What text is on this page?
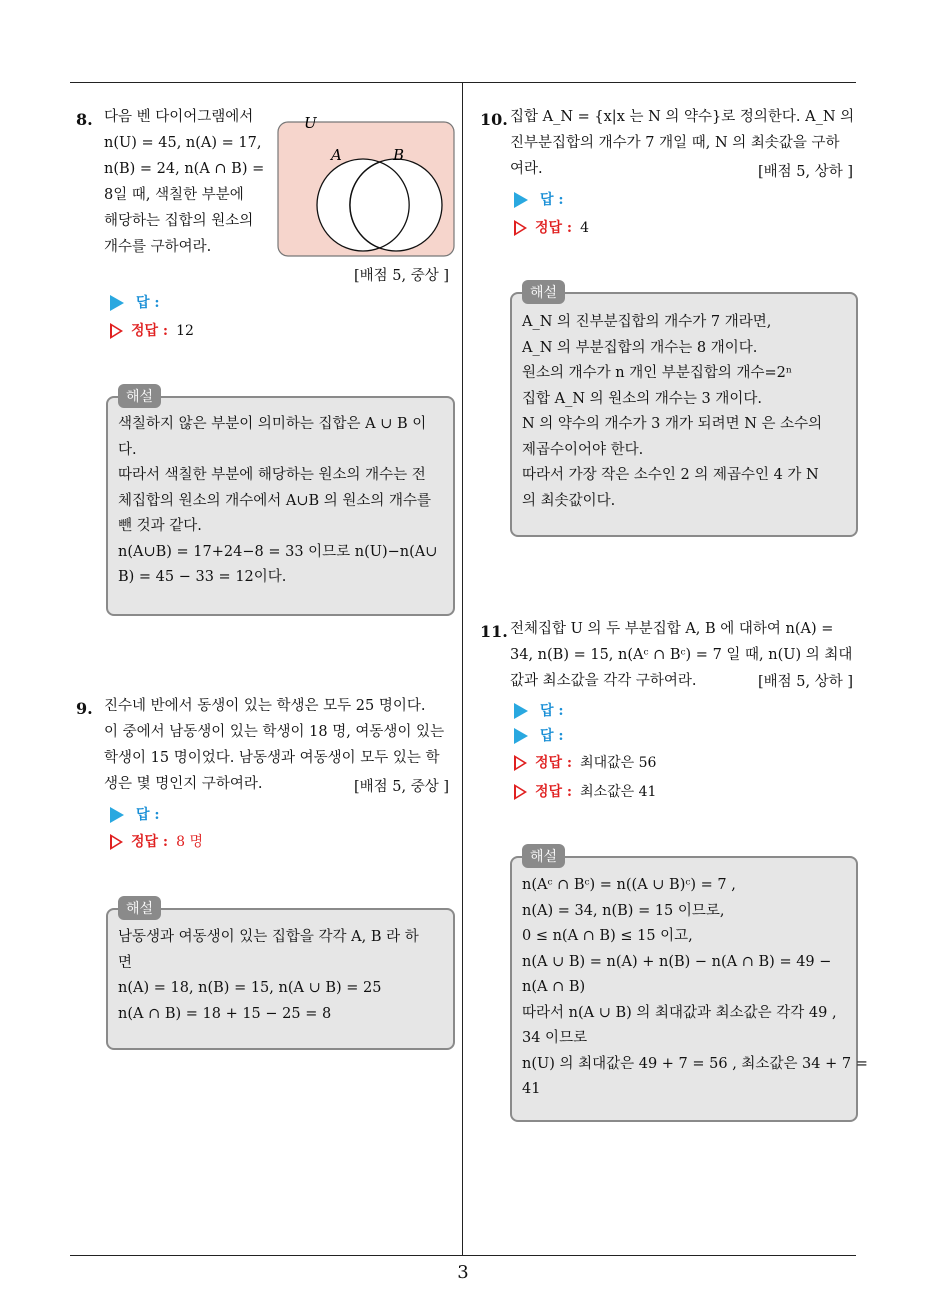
8. 다음 벤 다이어그램에서

n(U) = 45, n(A) = 17,

n(B) = 24, n(A ∩ B) =

8일 때, 색칠한 부분에

해당하는 집합의 원소의

개수를 구하여라.

U
A	B
[배점 5, 중상 ]
답 :
정답 : 12
해설

색칠하지 않은 부분이 의미하는 집합은 A ∪ B 이

다.

따라서 색칠한 부분에 해당하는 원소의 개수는 전

체집합의 원소의 개수에서 A∪B 의 원소의 개수를

뺀 것과 같다.

n(A∪B) = 17+24−8 = 33 이므로 n(U)−n(A∪

B) = 45 − 33 = 12이다.

9. 진수네 반에서 동생이 있는 학생은 모두 25 명이다.

이 중에서 남동생이 있는 학생이 18 명, 여동생이 있는

학생이 15 명이었다. 남동생과 여동생이 모두 있는 학

생은 몇 명인지 구하여라.	[배점 5, 중상 ]
답 :
정답 : 8 명
해설

남동생과 여동생이 있는 집합을 각각 A, B 라 하

면

n(A) = 18, n(B) = 15, n(A ∪ B) = 25

n(A ∩ B) = 18 + 15 − 25 = 8

10. 집합 A_N = {x|x 는 N 의 약수}로 정의한다. A_N 의

진부분집합의 개수가 7 개일 때, N 의 최솟값을 구하

여라.	[배점 5, 상하 ]
답 :
정답 : 4
해설

A_N 의 진부분집합의 개수가 7 개라면,

A_N 의 부분집합의 개수는 8 개이다.

원소의 개수가 n 개인 부분집합의 개수=2ⁿ

집합 A_N 의 원소의 개수는 3 개이다.

N 의 약수의 개수가 3 개가 되려면 N 은 소수의

제곱수이어야 한다.

따라서 가장 작은 소수인 2 의 제곱수인 4 가 N

의 최솟값이다.

11. 전체집합 U 의 두 부분집합 A, B 에 대하여 n(A) =

34, n(B) = 15, n(Aᶜ ∩ Bᶜ) = 7 일 때, n(U) 의 최대

값과 최소값을 각각 구하여라.	[배점 5, 상하 ]
답 :
답 :
정답 : 최대값은 56
정답 : 최소값은 41
해설

n(Aᶜ ∩ Bᶜ) = n((A ∪ B)ᶜ) = 7 ,

n(A) = 34, n(B) = 15 이므로,

0 ≤ n(A ∩ B) ≤ 15 이고,

n(A ∪ B) = n(A) + n(B) − n(A ∩ B) = 49 −

n(A ∩ B)

따라서 n(A ∪ B) 의 최대값과 최소값은 각각 49 ,

34 이므로

n(U) 의 최대값은 49 + 7 = 56 , 최소값은 34 + 7 =

41

3
